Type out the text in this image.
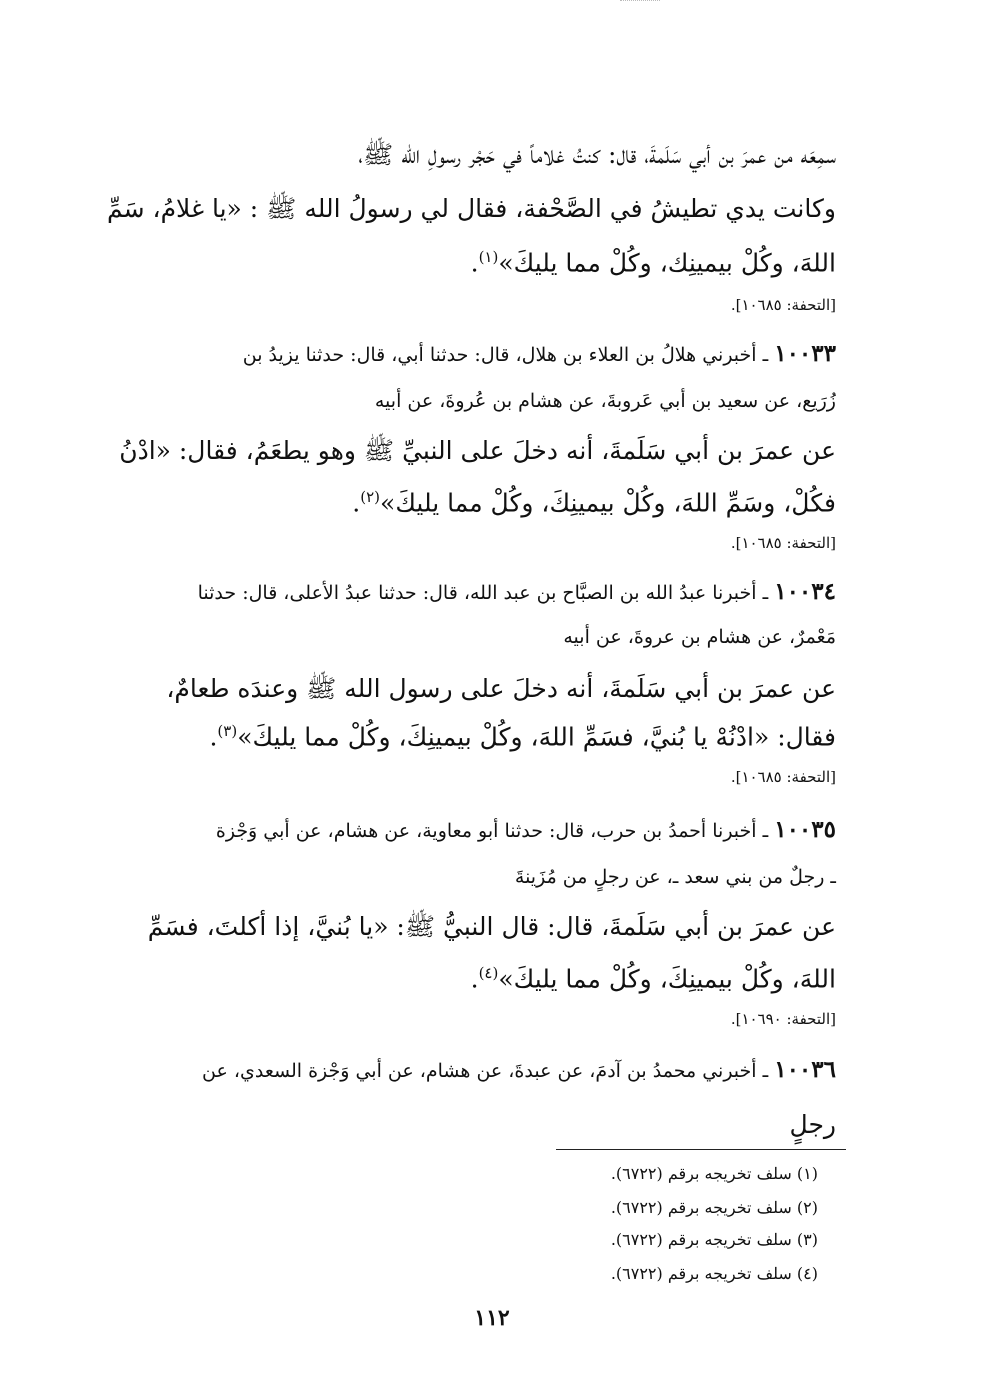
سمِعَه من عمرَ بن أبي سَلَمةَ، قال: كنتُ غلاماً في حَجْر رسولِ الله ﷺ،
وكانت يدي تطيشُ في الصَّحْفة، فقال لي رسولُ الله ﷺ : «يا غلامُ، سَمِّ
اللهَ، وكُلْ بيمينِك، وكُلْ مما يليكَ»$^{(١)}$.
[التحفة: ١٠٦٨٥].
١٠٠٣٣ ـ أخبرني هلالُ بن العلاء بن هلال، قال: حدثنا أبي، قال: حدثنا يزيدُ بن
زُرَيع، عن سعيد بن أبي عَروبةَ، عن هشام بن عُروةَ، عن أبيه
عن عمرَ بن أبي سَلَمةَ، أنه دخلَ على النبيِّ ﷺ وهو يطعَمُ، فقال: «ادْنُ
فكُلْ، وسَمِّ اللهَ، وكُلْ بيمينِكَ، وكُلْ مما يليكَ»$^{(٢)}$.
[التحفة: ١٠٦٨٥].
١٠٠٣٤ ـ أخبرنا عبدُ الله بن الصبَّاح بن عبد الله، قال: حدثنا عبدُ الأعلى، قال: حدثنا
مَعْمرٌ، عن هشام بن عروةَ، عن أبيه
عن عمرَ بن أبي سَلَمةَ، أنه دخلَ على رسول الله ﷺ وعندَه طعامٌ،
فقال: «ادْنُهْ يا بُنيَّ، فسَمِّ اللهَ، وكُلْ بيمينِكَ، وكُلْ مما يليكَ»$^{(٣)}$.
[التحفة: ١٠٦٨٥].
١٠٠٣٥ ـ أخبرنا أحمدُ بن حرب، قال: حدثنا أبو معاوية، عن هشام، عن أبي وَجْزة
ـ رجلٌ من بني سعد ـ، عن رجلٍ من مُزَينةَ
عن عمرَ بن أبي سَلَمةَ، قال: قال النبيُّ ﷺ: «يا بُنيَّ، إذا أكلتَ، فسَمِّ
اللهَ، وكُلْ بيمينِكَ، وكُلْ مما يليكَ»$^{(٤)}$.
[التحفة: ١٠٦٩٠].
١٠٠٣٦ ـ أخبرني محمدُ بن آدمَ، عن عبدةَ، عن هشام، عن أبي وَجْزة السعدي، عن
رجلٍ
(١) سلف تخريجه برقم (٦٧٢٢).
(٢) سلف تخريجه برقم (٦٧٢٢).
(٣) سلف تخريجه برقم (٦٧٢٢).
(٤) سلف تخريجه برقم (٦٧٢٢).
١١٢
